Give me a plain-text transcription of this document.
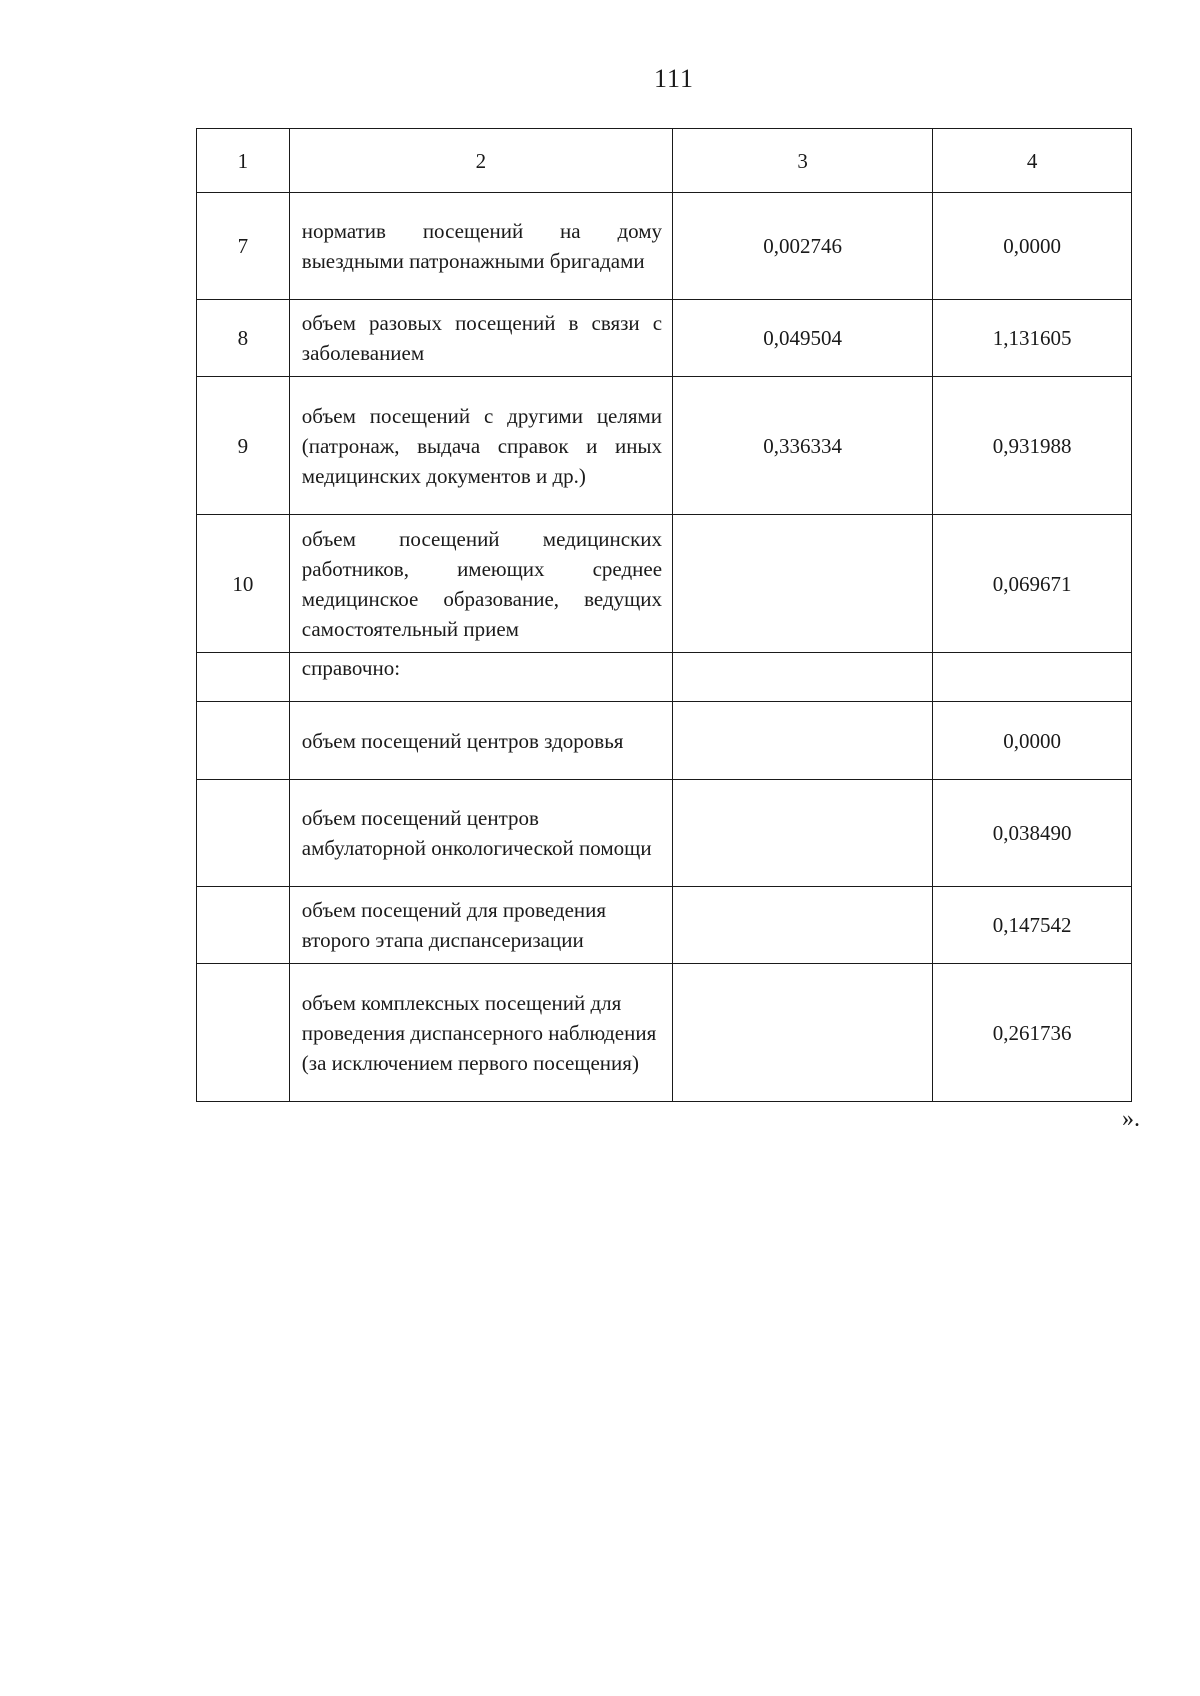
111
1	2	3	4
7	норматив посещений на дому выездными патронажными бригадами	0,002746	0,0000
8	объем разовых посещений в связи с заболеванием	0,049504	1,131605
9	объем посещений с другими целями (патронаж, выдача справок и иных медицинских документов и др.)	0,336334	0,931988
10	объем посещений медицинских работников, имеющих среднее медицинское образование, ведущих самостоятельный прием		0,069671
	справочно:		
	объем посещений центров здоровья		0,0000
	объем посещений центров амбулаторной онкологической помощи		0,038490
	объем посещений для проведения второго этапа диспансеризации		0,147542
	объем комплексных посещений для проведения диспансерного наблюдения (за исключением первого посещения)		0,261736
».
